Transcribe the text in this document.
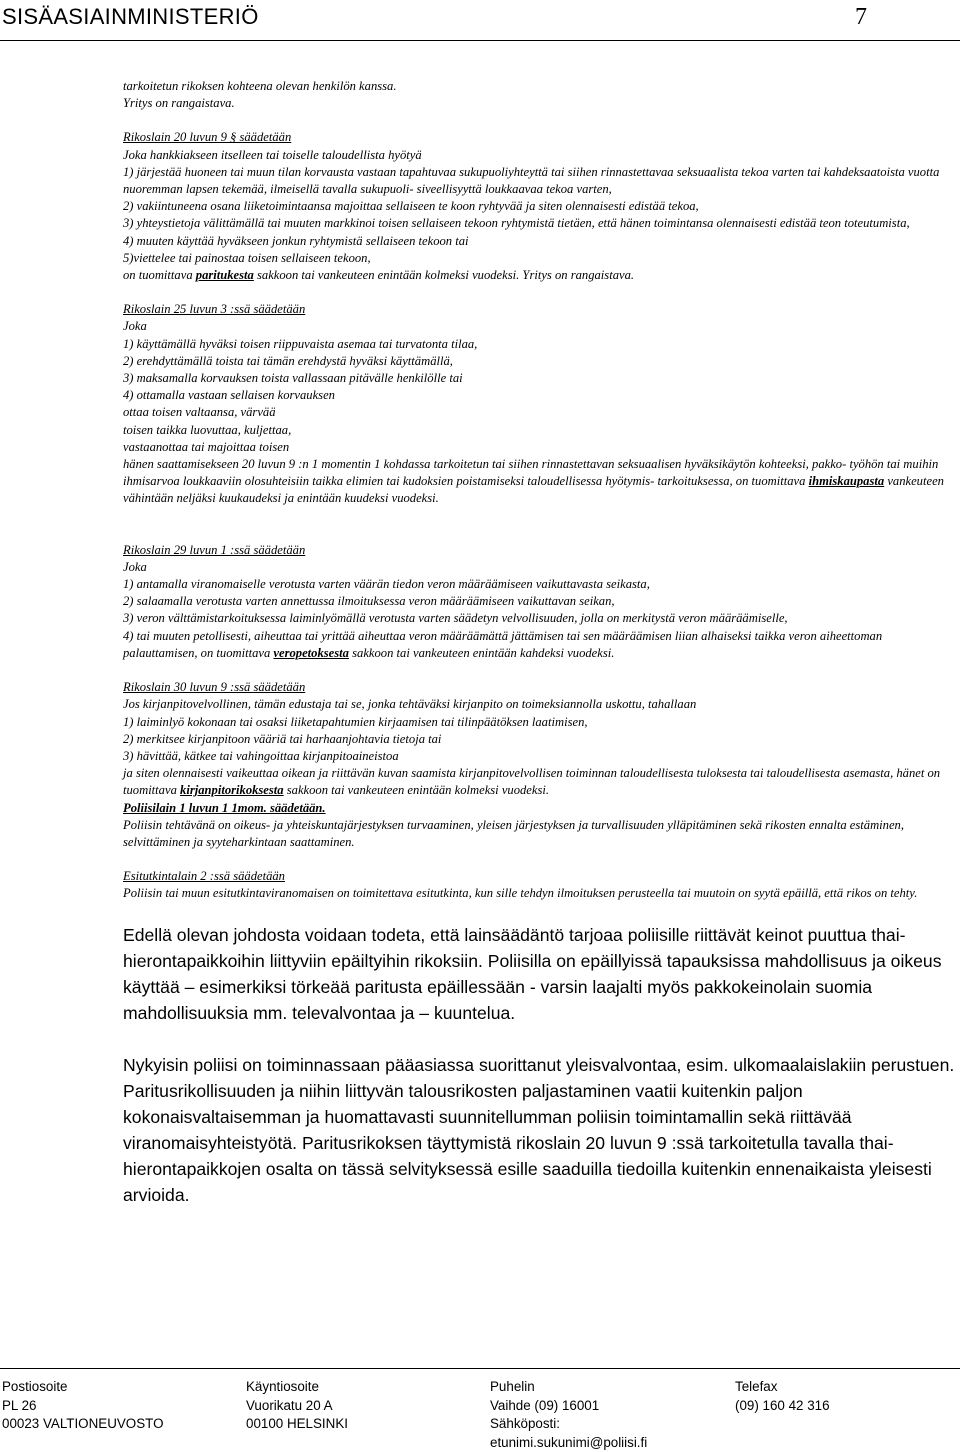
SISÄASIAINMINISTERIÖ	7

tarkoitetun rikoksen kohteena olevan henkilön kanssa.

Yritys on rangaistava.

Rikoslain 20 luvun 9 § säädetään

Joka hankkiakseen itselleen tai toiselle taloudellista hyötyä

1) järjestää huoneen tai muun tilan korvausta vastaan tapahtuvaa sukupuoliyhteyttä tai siihen rinnastettavaa seksuaalista tekoa varten tai kahdeksaatoista vuotta nuoremman lapsen tekemää, ilmeisellä tavalla sukupuoli- siveellisyyttä loukkaavaa tekoa varten,

2) vakiintuneena osana liiketoimintaansa majoittaa sellaiseen te koon ryhtyvää ja siten olennaisesti edistää tekoa,

3) yhteystietoja välittämällä tai muuten markkinoi toisen sellaiseen tekoon ryhtymistä tietäen, että hänen toimintansa olennaisesti edistää teon toteutumista,

4) muuten käyttää hyväkseen jonkun ryhtymistä sellaiseen tekoon tai

5)viettelee tai painostaa toisen sellaiseen tekoon,

on tuomittava paritukesta sakkoon tai vankeuteen enintään kolmeksi vuodeksi. Yritys on rangaistava.

Rikoslain 25 luvun 3 :ssä säädetään

Joka

1) käyttämällä hyväksi toisen riippuvaista asemaa tai turvatonta tilaa,

2) erehdyttämällä toista tai tämän erehdystä hyväksi käyttämällä,

3) maksamalla korvauksen toista vallassaan pitävälle henkilölle tai

4) ottamalla vastaan sellaisen korvauksen

ottaa toisen valtaansa, värvää

toisen taikka luovuttaa, kuljettaa,

vastaanottaa tai majoittaa toisen

hänen saattamisekseen 20 luvun 9 :n 1 momentin 1 kohdassa tarkoitetun tai siihen rinnastettavan seksuaalisen hyväksikäytön kohteeksi, pakko- työhön tai muihin ihmisarvoa loukkaaviin olosuhteisiin taikka elimien tai kudoksien poistamiseksi taloudellisessa hyötymis- tarkoituksessa, on tuomittava ihmiskaupasta vankeuteen vähintään neljäksi kuukaudeksi ja enintään kuudeksi vuodeksi.

Rikoslain 29 luvun 1 :ssä säädetään

Joka

1) antamalla viranomaiselle verotusta varten väärän tiedon veron määräämiseen vaikuttavasta seikasta,

2) salaamalla verotusta varten annettussa ilmoituksessa veron määräämiseen vaikuttavan seikan,

3) veron välttämistarkoituksessa laiminlyömällä verotusta varten säädetyn velvollisuuden, jolla on merkitystä veron määräämiselle,

4) tai muuten petollisesti, aiheuttaa tai yrittää aiheuttaa veron määräämättä jättämisen tai sen määräämisen liian alhaiseksi taikka veron aiheettoman palauttamisen, on tuomittava veropetoksesta sakkoon tai vankeuteen enintään kahdeksi vuodeksi.

Rikoslain 30 luvun 9 :ssä säädetään

Jos kirjanpitovelvollinen, tämän edustaja tai se, jonka tehtäväksi kirjanpito on toimeksiannolla uskottu, tahallaan

1) laiminlyö kokonaan tai osaksi liiketapahtumien kirjaamisen tai tilinpäätöksen laatimisen,

2) merkitsee kirjanpitoon vääriä tai harhaanjohtavia tietoja tai

3) hävittää, kätkee tai vahingoittaa kirjanpitoaineistoa

ja siten olennaisesti vaikeuttaa oikean ja riittävän kuvan saamista kirjanpitovelvollisen toiminnan taloudellisesta tuloksesta tai taloudellisesta asemasta, hänet on tuomittava kirjanpitorikoksesta sakkoon tai vankeuteen enintään kolmeksi vuodeksi.

Poliisilain 1 luvun 1 1mom. säädetään.

Poliisin tehtävänä on oikeus- ja yhteiskuntajärjestyksen turvaaminen, yleisen järjestyksen ja turvallisuuden ylläpitäminen sekä rikosten ennalta estäminen, selvittäminen ja syyteharkintaan saattaminen.

Esitutkintalain 2 :ssä säädetään

Poliisin tai muun esitutkintaviranomaisen on toimitettava esitutkinta, kun sille tehdyn ilmoituksen perusteella tai muutoin on syytä epäillä, että rikos on tehty.

Edellä olevan johdosta voidaan todeta, että lainsäädäntö tarjoaa poliisille riittävät keinot puuttua thai-hierontapaikkoihin liittyviin epäiltyihin rikoksiin. Poliisilla on epäillyissä tapauksissa mahdollisuus ja oikeus käyttää – esimerkiksi törkeää paritusta epäillessään - varsin laajalti myös pakkokeinolain suomia mahdollisuuksia mm. televalvontaa ja – kuuntelua.

Nykyisin poliisi on toiminnassaan pääasiassa suorittanut yleisvalvontaa, esim. ulkomaalaislakiin perustuen. Paritusrikollisuuden ja niihin liittyvän talousrikosten paljastaminen vaatii kuitenkin paljon kokonaisvaltaisemman ja huomattavasti suunnitellumman poliisin toimintamallin sekä riittävää viranomaisyhteistyötä. Paritusrikoksen täyttymistä rikoslain 20 luvun 9 :ssä tarkoitetulla tavalla thai-hierontapaikkojen osalta on tässä selvityksessä esille saaduilla tiedoilla kuitenkin ennenaikaista yleisesti arvioida.

Postiosoite
PL 26
00023 VALTIONEUVOSTO
Käyntiosoite
Vuorikatu 20 A
00100 HELSINKI
Puhelin
Vaihde (09) 16001
Sähköposti:
etunimi.sukunimi@poliisi.fi
Telefax
(09) 160 42 316
